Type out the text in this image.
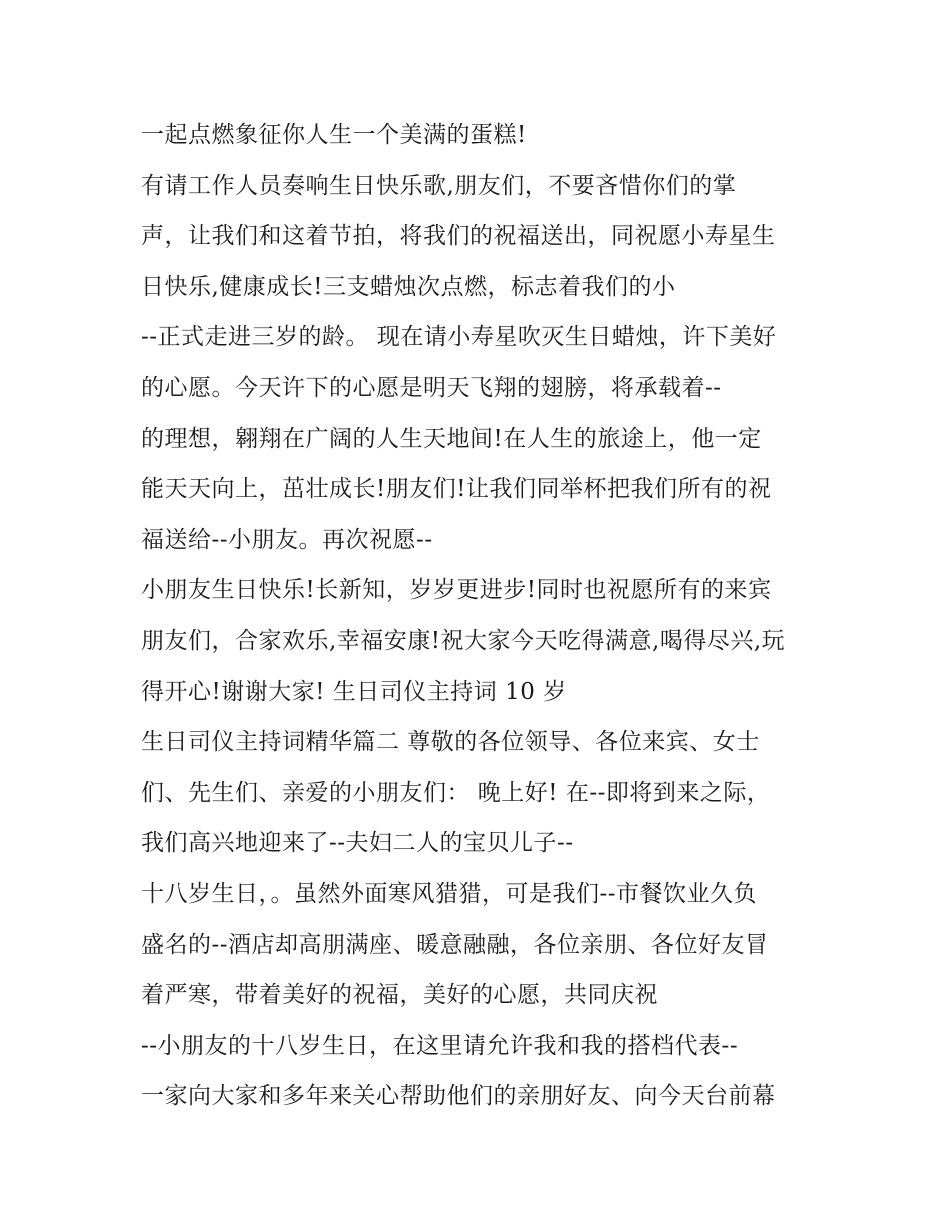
一起点燃象征你人生一个美满的蛋糕!
有请工作人员奏响生日快乐歌,朋友们，不要吝惜你们的掌
声，让我们和这着节拍，将我们的祝福送出，同祝愿小寿星生
日快乐,健康成长!三支蜡烛次点燃，标志着我们的小
--正式走进三岁的龄。 现在请小寿星吹灭生日蜡烛，许下美好
的心愿。今天许下的心愿是明天飞翔的翅膀，将承载着--
的理想，翱翔在广阔的人生天地间!在人生的旅途上，他一定
能天天向上，茁壮成长!朋友们!让我们同举杯把我们所有的祝
福送给--小朋友。再次祝愿--
小朋友生日快乐!长新知，岁岁更进步!同时也祝愿所有的来宾
朋友们，合家欢乐,幸福安康!祝大家今天吃得满意,喝得尽兴,玩
得开心!谢谢大家! 生日司仪主持词 10 岁
生日司仪主持词精华篇二 尊敬的各位领导、各位来宾、女士
们、先生们、亲爱的小朋友们： 晚上好! 在--即将到来之际，
我们高兴地迎来了--夫妇二人的宝贝儿子--
十八岁生日，。虽然外面寒风猎猎，可是我们--市餐饮业久负
盛名的--酒店却高朋满座、暖意融融，各位亲朋、各位好友冒
着严寒，带着美好的祝福，美好的心愿，共同庆祝
--小朋友的十八岁生日，在这里请允许我和我的搭档代表--
一家向大家和多年来关心帮助他们的亲朋好友、向今天台前幕
